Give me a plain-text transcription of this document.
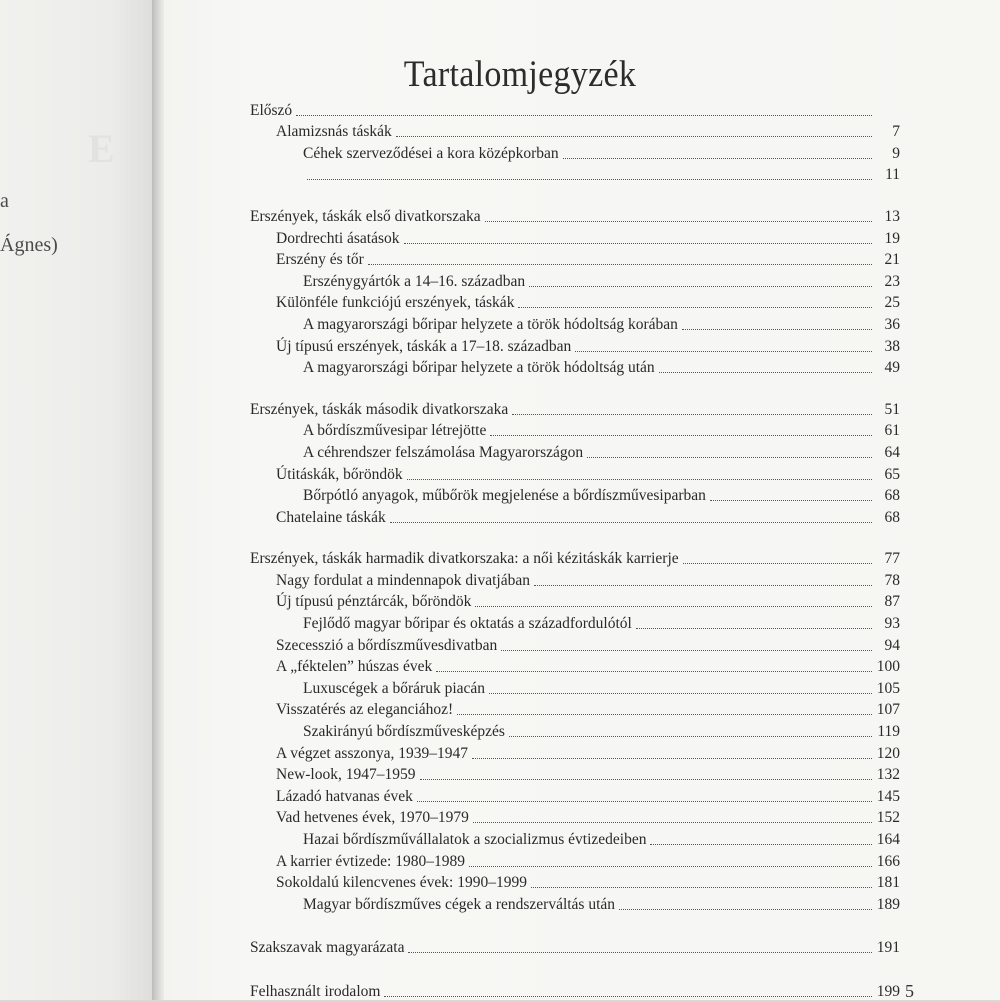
E
a
Ágnes)
Tartalomjegyzék
Előszó
Alamizsnás táskák	7
Céhek szerveződései a kora középkorban	9
11
Erszények, táskák első divatkorszaka	13
Dordrechti ásatások	19
Erszény és tőr	21
Erszénygyártók a 14–16. században	23
Különféle funkciójú erszények, táskák	25
A magyarországi bőripar helyzete a török hódoltság korában	36
Új típusú erszények, táskák a 17–18. században	38
A magyarországi bőripar helyzete a török hódoltság után	49
Erszények, táskák második divatkorszaka	51
A bőrdíszművesipar létrejötte	61
A céhrendszer felszámolása Magyarországon	64
Útitáskák, bőröndök	65
Bőrpótló anyagok, műbőrök megjelenése a bőrdíszművesiparban	68
Chatelaine táskák	68
Erszények, táskák harmadik divatkorszaka: a női kézitáskák karrierje	77
Nagy fordulat a mindennapok divatjában	78
Új típusú pénztárcák, bőröndök	87
Fejlődő magyar bőripar és oktatás a századfordulótól	93
Szecesszió a bőrdíszművesdivatban	94
A „féktelen” húszas évek	100
Luxuscégek a bőráruk piacán	105
Visszatérés az eleganciához!	107
Szakirányú bőrdíszművesképzés	119
A végzet asszonya, 1939–1947	120
New-look, 1947–1959	132
Lázadó hatvanas évek	145
Vad hetvenes évek, 1970–1979	152
Hazai bőrdíszművállalatok a szocializmus évtizedeiben	164
A karrier évtizede: 1980–1989	166
Sokoldalú kilencvenes évek: 1990–1999	181
Magyar bőrdíszműves cégek a rendszerváltás után	189
Szakszavak magyarázata	191
Felhasznált irodalom	199 5
